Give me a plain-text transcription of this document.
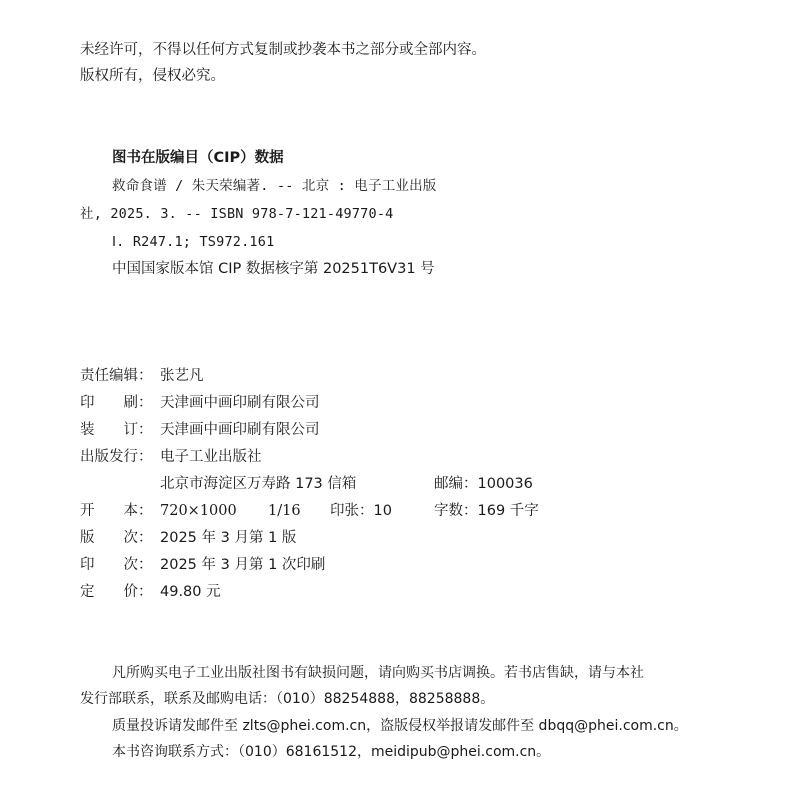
未经许可，不得以任何方式复制或抄袭本书之部分或全部内容。
版权所有，侵权必究。
图书在版编目（CIP）数据
救命食谱 / 朱天荣编著. -- 北京 : 电子工业出版
社, 2025. 3. -- ISBN 978-7-121-49770-4
Ⅰ. R247.1; TS972.161
中国国家版本馆 CIP 数据核字第 20251T6V31 号
责任编辑： 张艺凡
印　　刷： 天津画中画印刷有限公司
装　　订： 天津画中画印刷有限公司
出版发行： 电子工业出版社
北京市海淀区万寿路 173 信箱	邮编：100036
开　　本： 720×1000 1/16 印张：10	字数：169 千字
版　　次： 2025 年 3 月第 1 版
印　　次： 2025 年 3 月第 1 次印刷
定　　价： 49.80 元
凡所购买电子工业出版社图书有缺损问题，请向购买书店调换。若书店售缺，请与本社
发行部联系，联系及邮购电话：（010）88254888，88258888。
质量投诉请发邮件至 zlts@phei.com.cn，盗版侵权举报请发邮件至 dbqq@phei.com.cn。
本书咨询联系方式：（010）68161512，meidipub@phei.com.cn。
